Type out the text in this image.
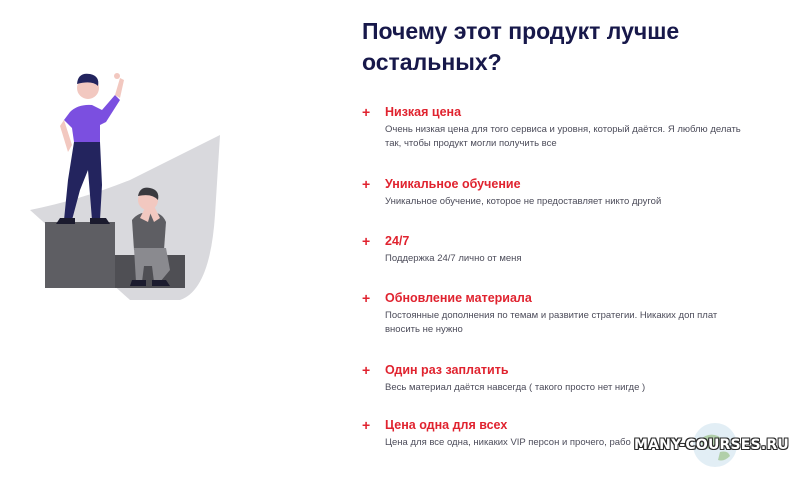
Почему этот продукт лучше
остальных?
+ Низкая цена
Очень низкая цена для того сервиса и уровня, который даётся. Я люблю делать
так, чтобы продукт могли получить все
+ Уникальное обучение
Уникальное обучение, которое не предоставляет никто другой
+ 24/7
Поддержка 24/7 лично от меня
+ Обновление материала
Постоянные дополнения по темам и развитие стратегии. Никаких доп плат
вносить не нужно
+ Один раз заплатить
Весь материал даётся навсегда ( такого просто нет нигде )
+ Цена одна для всех
Цена для все одна, никаких VIP персон и прочего, рабо MANY-COURSES.RU
